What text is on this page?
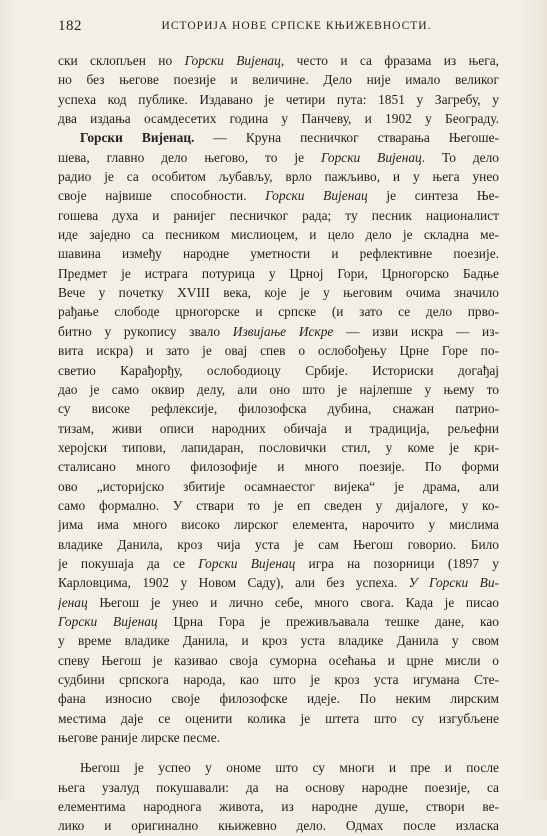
182	ИСТОРИЈА НОВЕ СРПСКЕ КЊИЖЕВНОСТИ.
ски склопљен но Горски Вијенац, често и са фразама из њега,
но без његове поезије и величине. Дело није имало великог
успеха код публике. Издавано је четири пута: 1851 у Загребу, у
два издања осамдесетих година у Панчеву, и 1902 у Београду.
Горски Вијенац. — Круна песничког стварања Његоше-
шева, главно дело његово, то је Горски Вијенац. То дело
радио је са особитом љубављу, врло пажљиво, и у њега унео
своје највише способности. Горски Вијенац је синтеза Ње-
гошева духа и ранијег песничког рада; ту песник националист
иде заједно са песником мислиоцем, и цело дело је складна ме-
шавина између народне уметности и рефлективне поезије.
Предмет је истрага потурица у Црној Гори, Црногорско Бадње
Вече у почетку XVIII века, које је у његовим очима значило
рађање слободе црногорске и српске (и зато се дело прво-
битно у рукопису звало Извијање Искре — изви искра — из-
вита искра) и зато је овај спев о ослобођењу Црне Горе по-
светио Карађорђу, ослободиоцу Србије. Историски догађај
дао је само оквир делу, али оно што је најлепше у њему то
су високе рефлексије, филозофска дубина, снажан патрио-
тизам, живи описи народних обичаја и традиција, рељефни
херојски типови, лапидаран, пословички стил, у коме је кри-
сталисано много филозофије и много поезије. По форми
ово „историјско збитије осамнаестог вијека“ је драма, али
само формално. У ствари то је еп сведен у дијалоге, у ко-
јима има много високо лирског елемента, нарочито у мислима
владике Данила, кроз чија уста је сам Његош говорио. Било
је покушаја да се Горски Вијенац игра на позорници (1897 у
Карловцима, 1902 у Новом Саду), али без успеха. У Горски Ви-
јенац Његош је унео и лично себе, много свога. Када је писао
Горски Вијенац Црна Гора је преживљавала тешке дане, као
у време владике Данила, и кроз уста владике Данила у свом
спеву Његош је казивао своја суморна осећања и црне мисли о
судбини српскога народа, као што је кроз уста игумана Сте-
фана износио своје филозофске идеје. По неким лирским
местима даје се оценити колика је штета што су изгубљене
његове раније лирске песме.
Његош је успео у ономе што су многи и пре и после
њега узалуд покушавали: да на основу народне поезије, са
елементима народнога живота, из народне душе, створи ве-
лико и оригинално књижевно дело. Одмах после изласка
